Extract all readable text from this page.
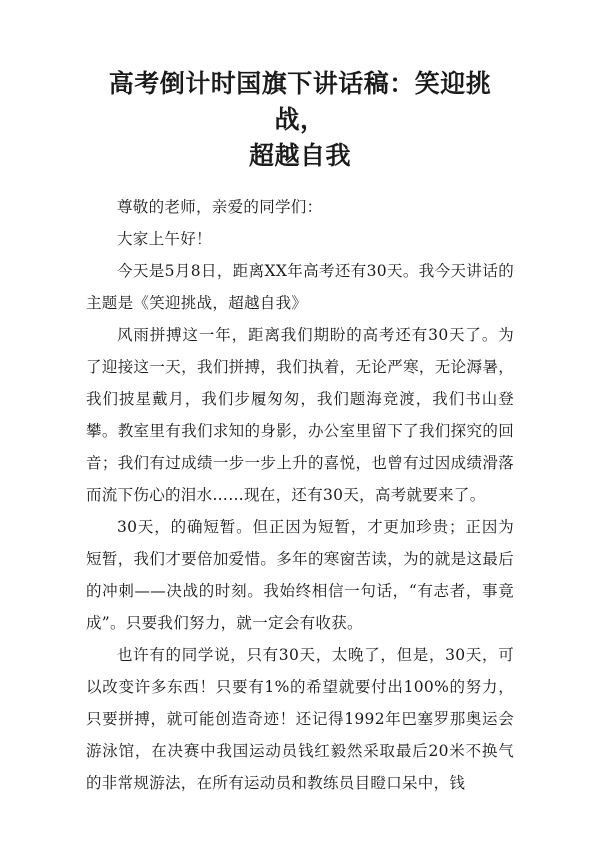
高考倒计时国旗下讲话稿：笑迎挑战，
超越自我

尊敬的老师，亲爱的同学们：

大家上午好！

今天是5月8日，距离XX年高考还有30天。我今天讲话的主题是《笑迎挑战，超越自我》

风雨拼搏这一年，距离我们期盼的高考还有30天了。为了迎接这一天，我们拼搏，我们执着，无论严寒，无论溽暑，我们披星戴月，我们步履匆匆，我们题海竞渡，我们书山登攀。教室里有我们求知的身影，办公室里留下了我们探究的回音；我们有过成绩一步一步上升的喜悦，也曾有过因成绩滑落而流下伤心的泪水……现在，还有30天，高考就要来了。

30天，的确短暂。但正因为短暂，才更加珍贵；正因为短暂，我们才要倍加爱惜。多年的寒窗苦读，为的就是这最后的冲刺——决战的时刻。我始终相信一句话，“有志者，事竟成”。只要我们努力，就一定会有收获。

也许有的同学说，只有30天，太晚了，但是，30天，可以改变许多东西！只要有1%的希望就要付出100%的努力，只要拼搏，就可能创造奇迹！还记得1992年巴塞罗那奥运会游泳馆，在决赛中我国运动员钱红毅然采取最后20米不换气的非常规游法，在所有运动员和教练员目瞪口呆中，钱
